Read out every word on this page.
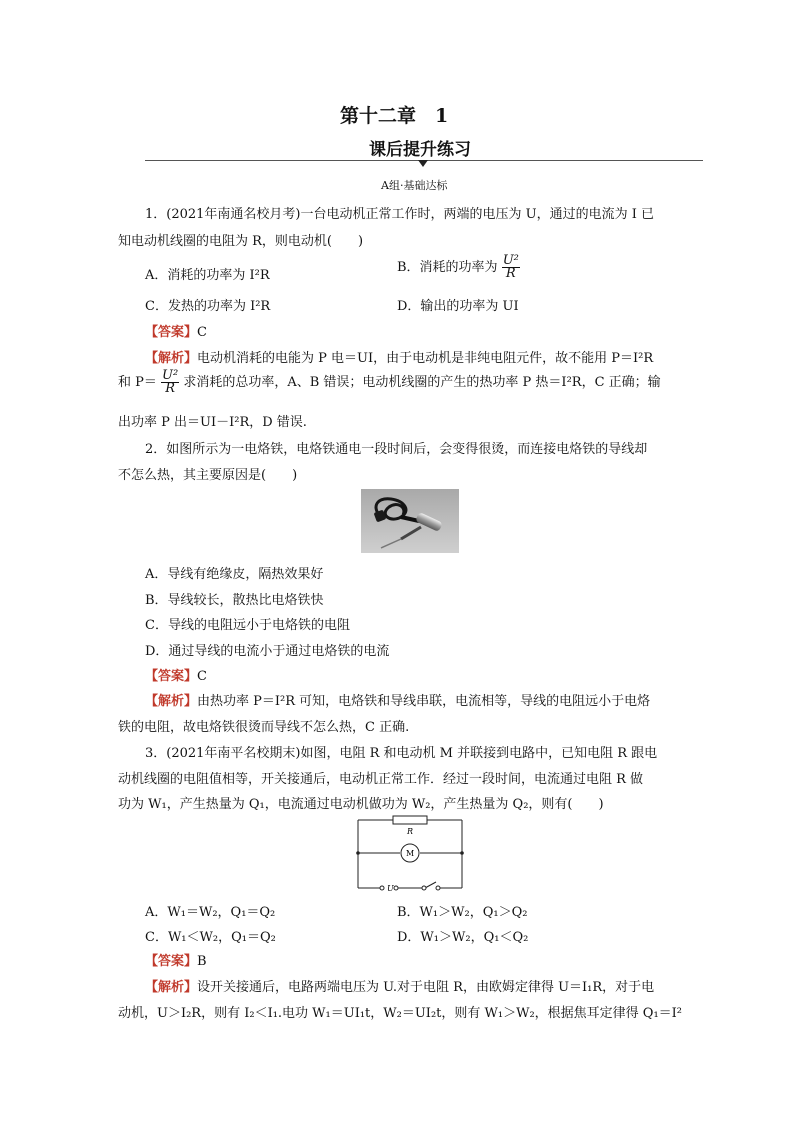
第十二章　1
课后提升练习
A组·基础达标
1．(2021年南通名校月考)一台电动机正常工作时，两端的电压为 U，通过的电流为 I 已
知电动机线圈的电阻为 R，则电动机(　　)
A．消耗的功率为 I²R
B．消耗的功率为 $\frac{\text{U²}}{R}$
C．发热的功率为 I²R	D．输出的功率为 UI
【答案】C
【解析】电动机消耗的电能为 P 电＝UI，由于电动机是非纯电阻元件，故不能用 P＝I²R
和 $P= \frac{\text{U²}}{R}$ 求消耗的总功率，A、B 错误；电动机线圈的产生的热功率 P 热＝I²R，C 正确；输
出功率 P 出＝UI－I²R，D 错误.
2．如图所示为一电烙铁，电烙铁通电一段时间后，会变得很烫，而连接电烙铁的导线却
不怎么热，其主要原因是(　　)
A．导线有绝缘皮，隔热效果好
B．导线较长，散热比电烙铁快
C．导线的电阻远小于电烙铁的电阻
D．通过导线的电流小于通过电烙铁的电流
【答案】C
【解析】由热功率 P＝I²R 可知，电烙铁和导线串联，电流相等，导线的电阻远小于电烙
铁的电阻，故电烙铁很烫而导线不怎么热，C 正确.
3．(2021年南平名校期末)如图，电阻 R 和电动机 M 并联接到电路中，已知电阻 R 跟电
动机线圈的电阻值相等，开关接通后，电动机正常工作．经过一段时间，电流通过电阻 R 做
功为 W₁，产生热量为 Q₁，电流通过电动机做功为 W₂，产生热量为 Q₂，则有(　　)
R
M
U
A．W₁＝W₂，Q₁＝Q₂	B．W₁＞W₂，Q₁＞Q₂
C．W₁＜W₂，Q₁＝Q₂	D．W₁＞W₂，Q₁＜Q₂
【答案】B
【解析】设开关接通后，电路两端电压为 U.对于电阻 R，由欧姆定律得 U＝I₁R，对于电
动机，U＞I₂R，则有 I₂＜I₁.电功 W₁＝UI₁t，W₂＝UI₂t，则有 W₁＞W₂，根据焦耳定律得 Q₁＝I²
